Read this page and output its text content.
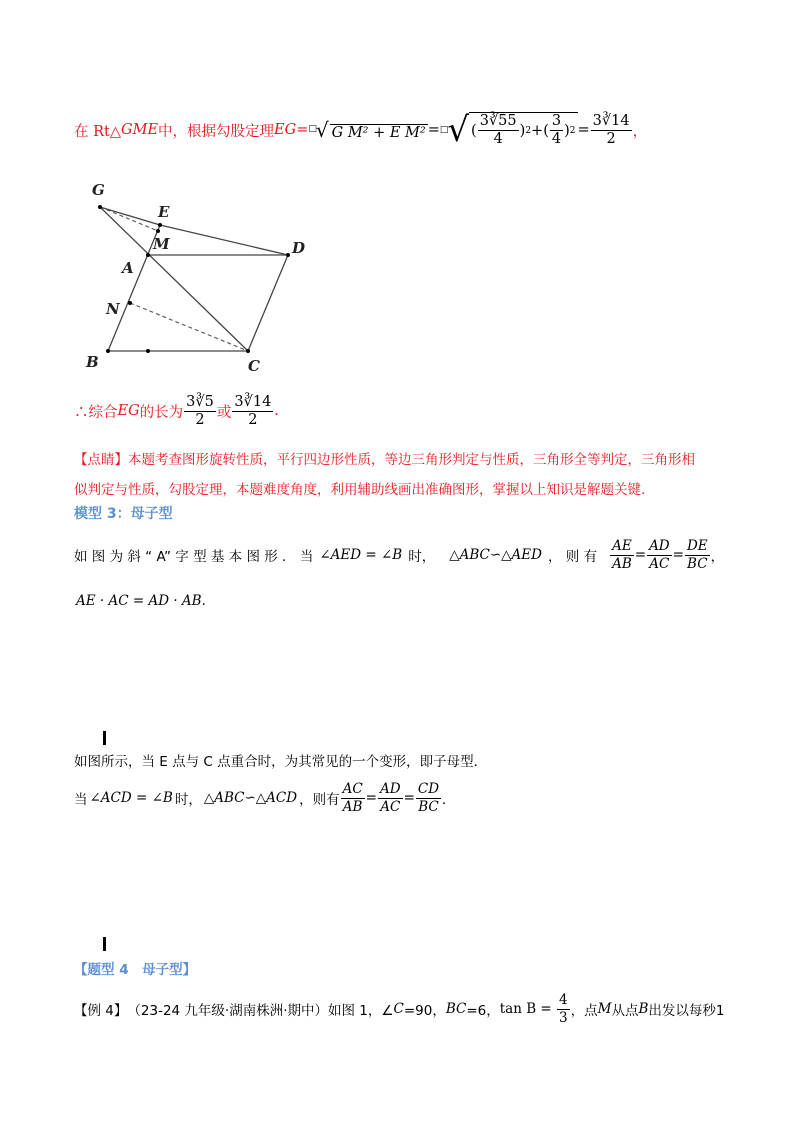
在 Rt△ GME 中，根据勾股定理 EG = □√ G M² + E M² = □ √ ( $\frac{3∛55}{4}$ ) 2 + ( $\frac{3}{4}$ ) $2 = \frac{3∛14}{2}$ ，
G
E
M	D
A
N
B	C
∴综合 EG 的长为 $\frac{3∛5}{2}$ 或 $\frac{3∛14}{2}$ .
【点睛】本题考查图形旋转性质，平行四边形性质，等边三角形判定与性质，三角形全等判定，三角形相
似判定与性质，勾股定理，本题难度角度，利用辅助线画出准确图形，掌握以上知识是解题关键.
模型 3：母子型
如 图 为 斜 “ A” 字 型 基 本 图 形 ． 当 ∠AED = ∠B 时， △ABC∽△AED ， 则 有 $\frac{AE}{AB} = \frac{AD}{AC} = \frac{DE}{BC}$ ，
AE · AC = AD · AB．
如图所示，当 E 点与 C 点重合时，为其常见的一个变形，即子母型．
当 ∠ACD = ∠B 时， △ABC∽△ACD ，则有 $\frac{AC}{AB} = \frac{AD}{AC} = \frac{CD}{BC}$ ．
【题型 4　母子型】
【例 4】 （23-24 九年级·湖南株洲·期中）如图 1，∠ C =90， BC =6， $\tan B = \frac{4}{3}$ ，点 M 从点 B 出发以每秒1
